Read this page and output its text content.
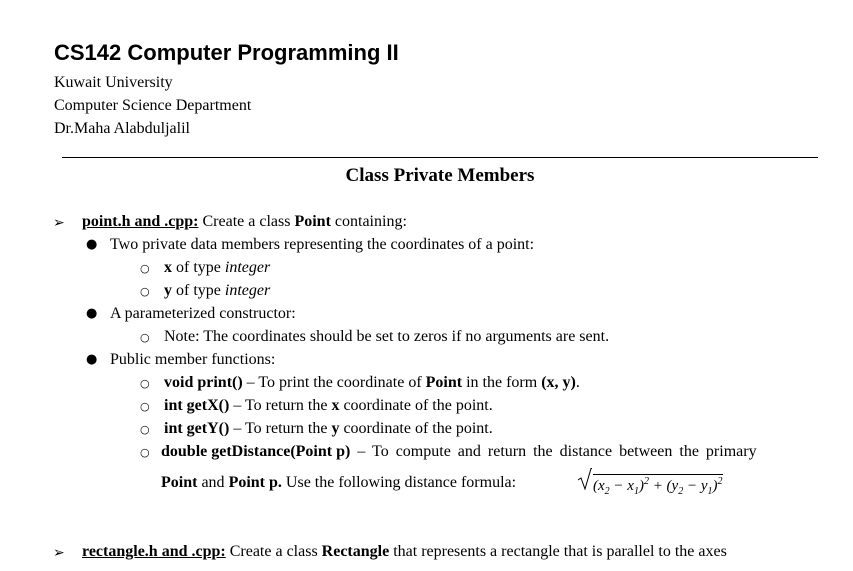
CS142 Computer Programming II
Kuwait University
Computer Science Department
Dr.Maha Alabduljalil
Class Private Members
➢ point.h and .cpp: Create a class Point containing:
● Two private data members representing the coordinates of a point:
○ x of type integer
○ y of type integer
● A parameterized constructor:
○ Note: The coordinates should be set to zeros if no arguments are sent.
● Public member functions:
○ void print() – To print the coordinate of Point in the form (x, y).
○ int getX() – To return the x coordinate of the point.
○ int getY() – To return the y coordinate of the point.
○ double getDistance(Point p) – To compute and return the distance between the primary
Point and Point p. Use the following distance formula:	$(x_2 - x_1)^2 + (y_2 - y_1)^2$
➢ rectangle.h and .cpp: Create a class Rectangle that represents a rectangle that is parallel to the axes
